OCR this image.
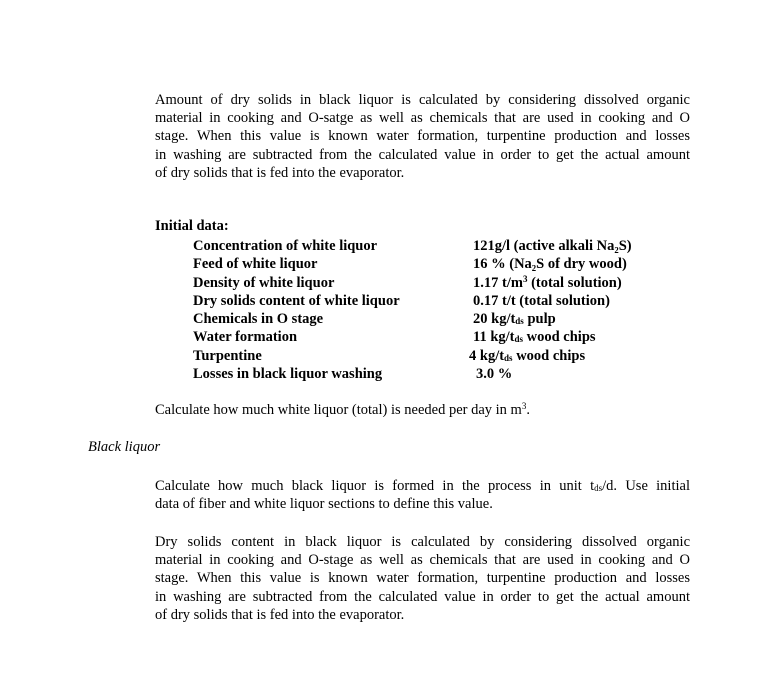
Amount of dry solids in black liquor is calculated by considering dissolved organic
material in cooking and O-satge as well as chemicals that are used in cooking and O
stage. When this value is known water formation, turpentine production and losses
in washing are subtracted from the calculated value in order to get the actual amount
of dry solids that is fed into the evaporator.

Initial data:

Concentration of white liquor	121g/l (active alkali Na₂S)
Feed of white liquor	16 % (Na₂S of dry wood)
Density of white liquor	1.17 $t/m^3$ (total solution)
Dry solids content of white liquor	0.17 t/t (total solution)
Chemicals in O stage	20 $kg/t_{ds}$ pulp
Water formation	11 $kg/t_{ds}$ wood chips
Turpentine	4 $kg/t_{ds}$ wood chips
Losses in black liquor washing	3.0 %

Calculate how much white liquor (total) is needed per day in $m^3$.

Black liquor

Calculate how much black liquor is formed in the process in unit $t_{ds}/d$. Use initial
data of fiber and white liquor sections to define this value.
Dry solids content in black liquor is calculated by considering dissolved organic
material in cooking and O-stage as well as chemicals that are used in cooking and O
stage. When this value is known water formation, turpentine production and losses
in washing are subtracted from the calculated value in order to get the actual amount
of dry solids that is fed into the evaporator.
